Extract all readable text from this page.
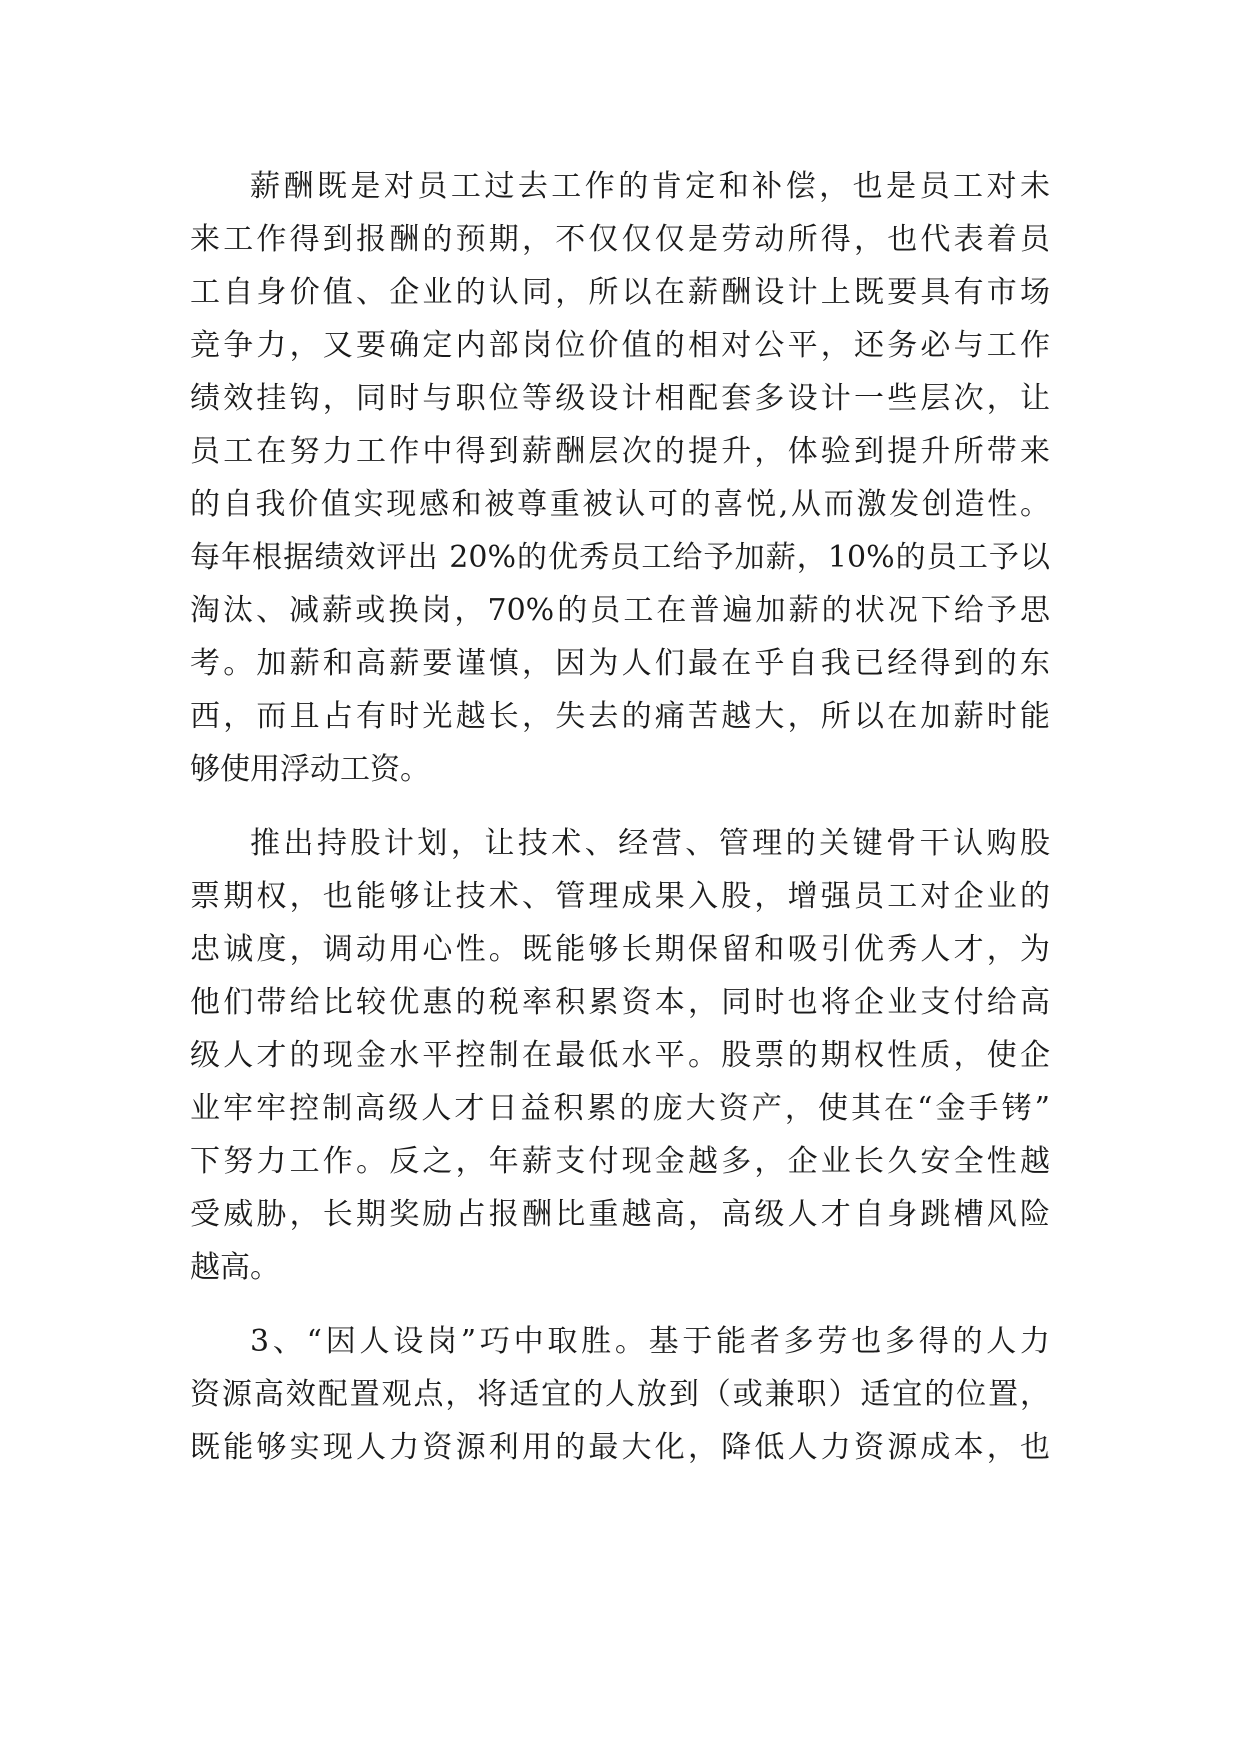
薪酬既是对员工过去工作的肯定和补偿，也是员工对未
来工作得到报酬的预期，不仅仅仅是劳动所得，也代表着员
工自身价值、企业的认同，所以在薪酬设计上既要具有市场
竞争力，又要确定内部岗位价值的相对公平，还务必与工作
绩效挂钩，同时与职位等级设计相配套多设计一些层次，让
员工在努力工作中得到薪酬层次的提升，体验到提升所带来
的自我价值实现感和被尊重被认可的喜悦,从而激发创造性。
每年根据绩效评出 20%的优秀员工给予加薪，10%的员工予以
淘汰、减薪或换岗，70%的员工在普遍加薪的状况下给予思
考。加薪和高薪要谨慎，因为人们最在乎自我已经得到的东
西，而且占有时光越长，失去的痛苦越大，所以在加薪时能
够使用浮动工资。
推出持股计划，让技术、经营、管理的关键骨干认购股
票期权，也能够让技术、管理成果入股，增强员工对企业的
忠诚度，调动用心性。既能够长期保留和吸引优秀人才，为
他们带给比较优惠的税率积累资本，同时也将企业支付给高
级人才的现金水平控制在最低水平。股票的期权性质，使企
业牢牢控制高级人才日益积累的庞大资产，使其在“金手铐”
下努力工作。反之，年薪支付现金越多，企业长久安全性越
受威胁，长期奖励占报酬比重越高，高级人才自身跳槽风险
越高。
3、“因人设岗”巧中取胜。基于能者多劳也多得的人力
资源高效配置观点，将适宜的人放到（或兼职）适宜的位置，
既能够实现人力资源利用的最大化，降低人力资源成本，也
